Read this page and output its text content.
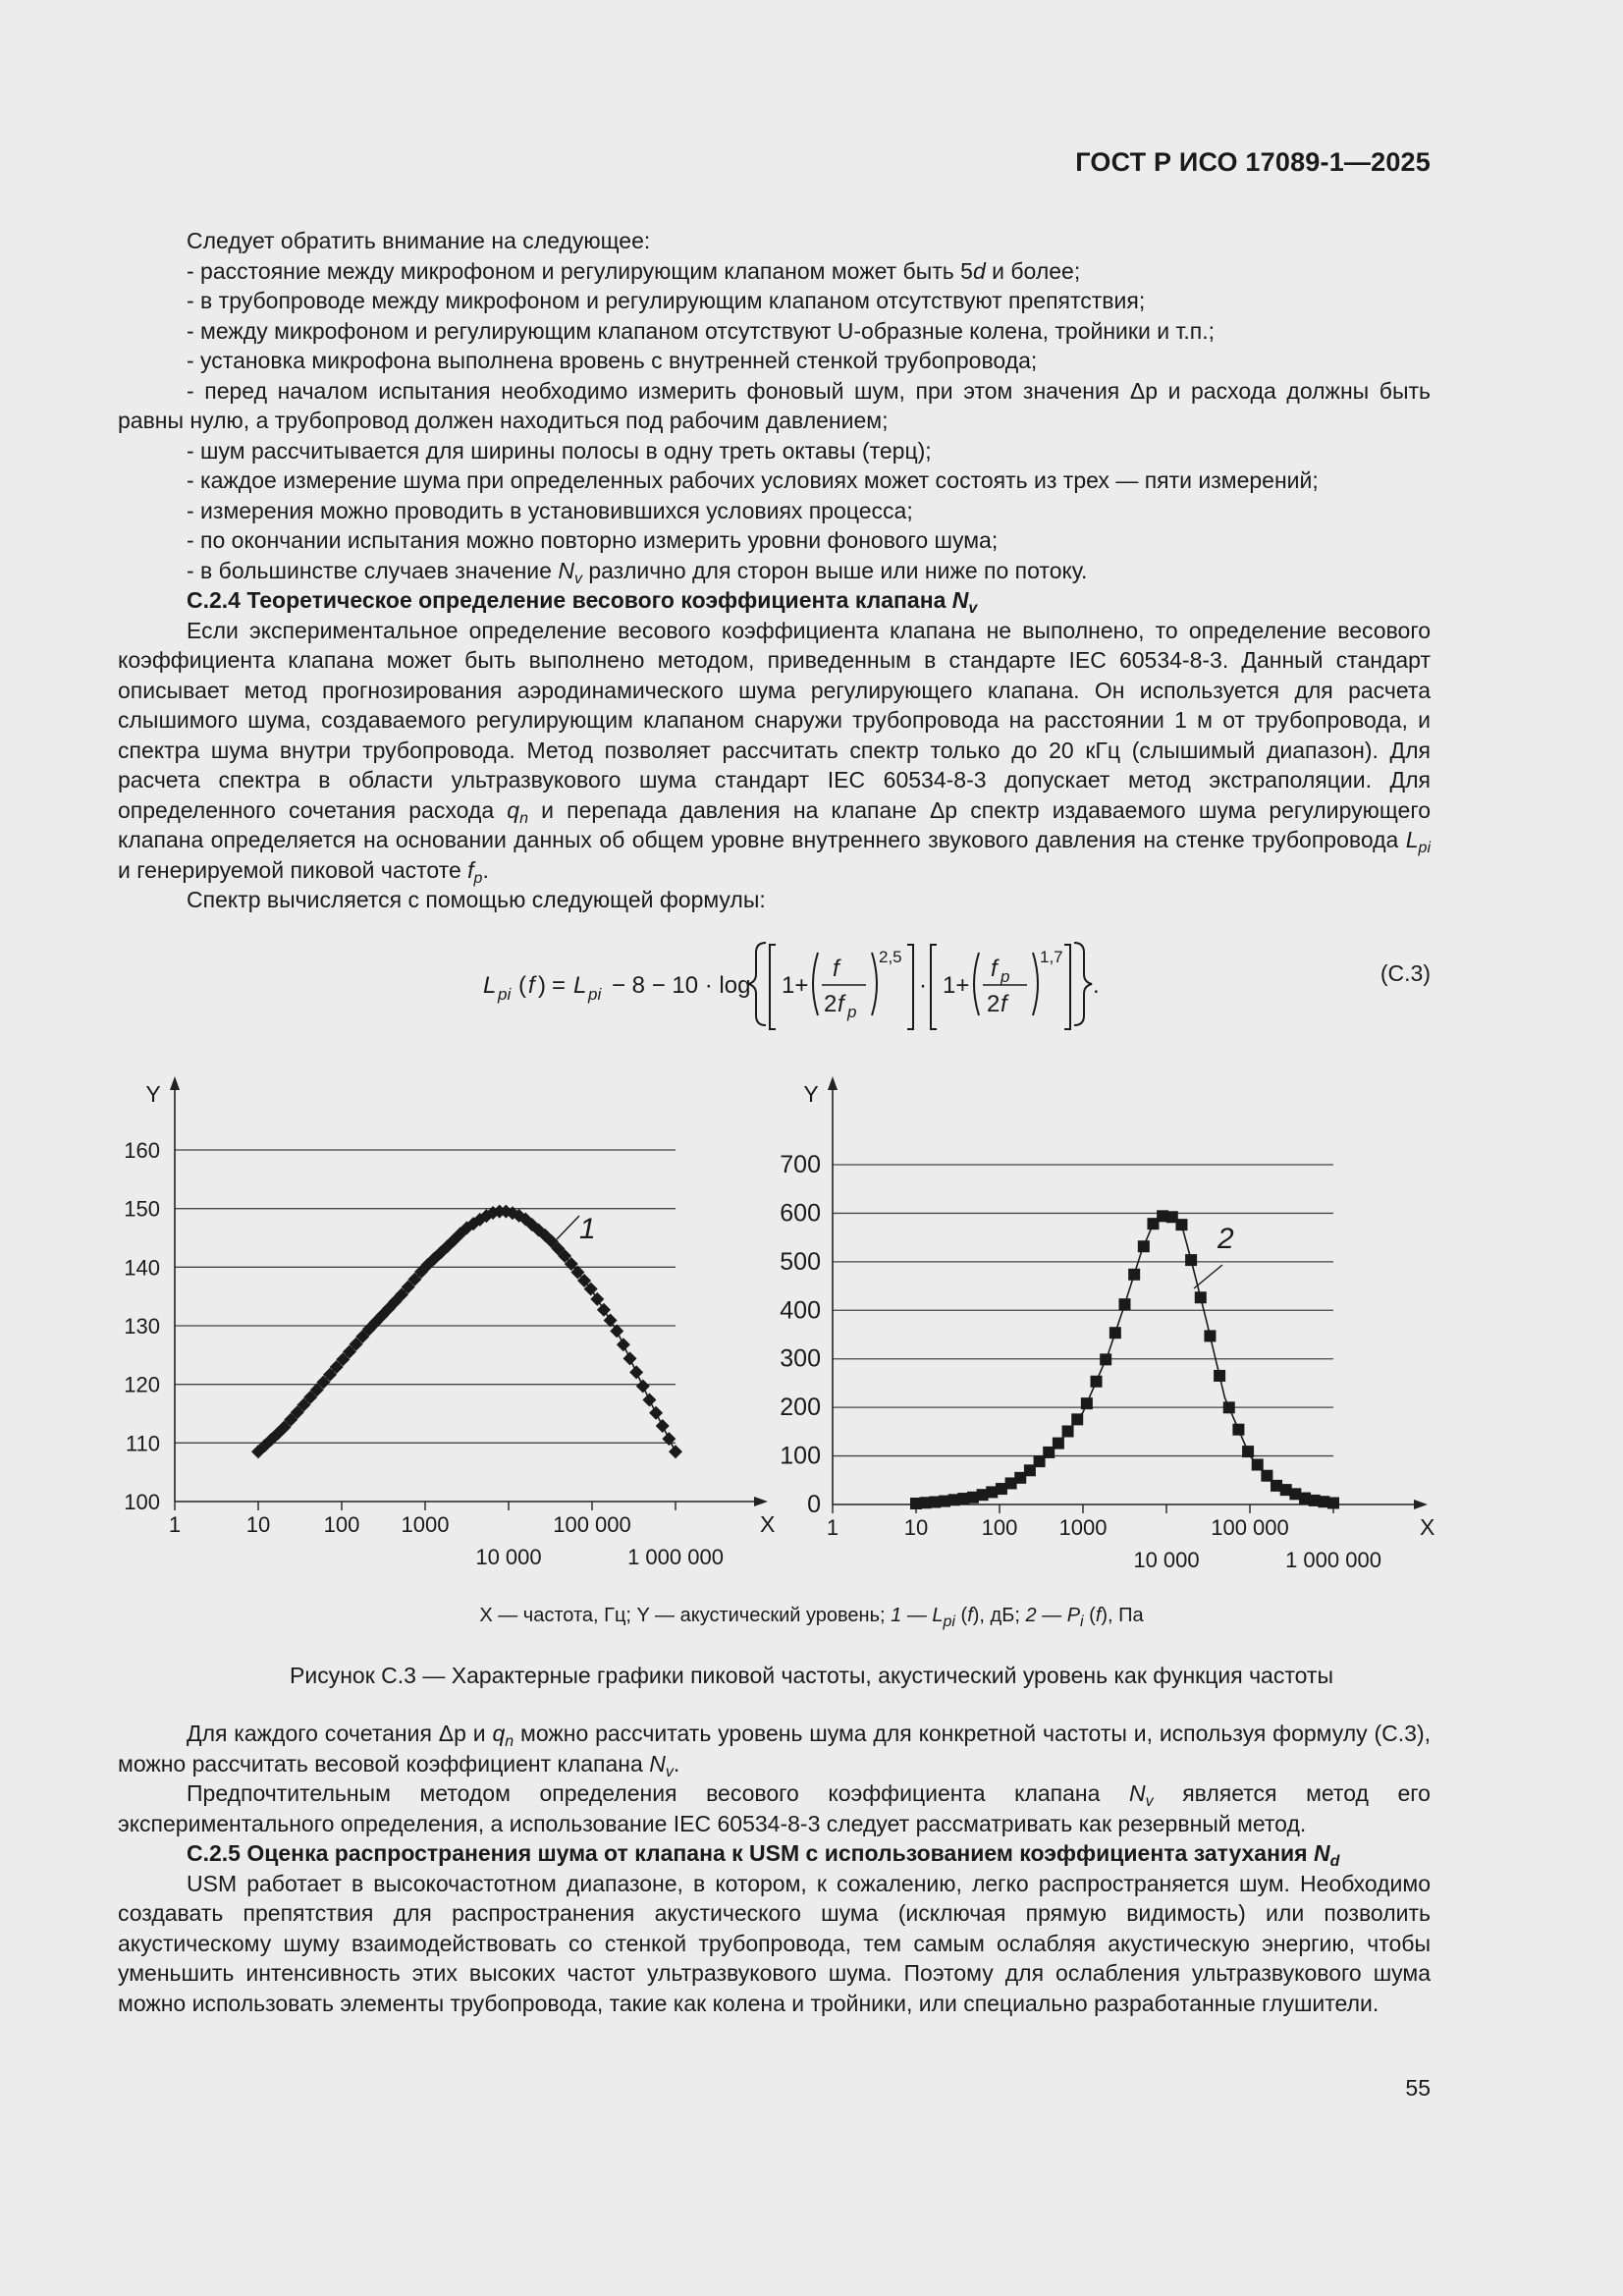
ГОСТ Р ИСО 17089-1—2025

Следует обратить внимание на следующее:

- расстояние между микрофоном и регулирующим клапаном может быть 5d и более;

- в трубопроводе между микрофоном и регулирующим клапаном отсутствуют препятствия;

- между микрофоном и регулирующим клапаном отсутствуют U-образные колена, тройники и т.п.;

- установка микрофона выполнена вровень с внутренней стенкой трубопровода;

- перед началом испытания необходимо измерить фоновый шум, при этом значения Δp и расхода должны быть равны нулю, а трубопровод должен находиться под рабочим давлением;

- шум рассчитывается для ширины полосы в одну треть октавы (терц);

- каждое измерение шума при определенных рабочих условиях может состоять из трех — пяти измерений;

- измерения можно проводить в установившихся условиях процесса;

- по окончании испытания можно повторно измерить уровни фонового шума;

- в большинстве случаев значение $N_v$ различно для сторон выше или ниже по потоку.

С.2.4 Теоретическое определение весового коэффициента клапана $N_v$

Если экспериментальное определение весового коэффициента клапана не выполнено, то определение весового коэффициента клапана может быть выполнено методом, приведенным в стандарте IEC 60534-8-3. Данный стандарт описывает метод прогнозирования аэродинамического шума регулирующего клапана. Он используется для расчета слышимого шума, создаваемого регулирующим клапаном снаружи трубопровода на расстоянии 1 м от трубопровода, и спектра шума внутри трубопровода. Метод позволяет рассчитать спектр только до 20 кГц (слышимый диапазон). Для расчета спектра в области ультразвукового шума стандарт IEC 60534-8-3 допускает метод экстраполяции. Для определенного сочетания расхода $q_n$ и перепада давления на клапане Δp спектр издаваемого шума регулирующего клапана определяется на основании данных об общем уровне внутреннего звукового давления на стенке трубопровода $L_{pi}$ и генерируемой пиковой частоте $f_p$.

Спектр вычисляется с помощью следующей формулы:

L pi ( f ) = L pi − 8 − 10 · log 1+
f
2 f p
2,5
· 1+
f p
2 f
1,7
.	(C.3)
100
110
120
130
140
150
160
Y
X
1	10 100 1000	100 000
10 000	1 000 000
1
0
100
200
300
400
500
600
700
Y
X
1	10 100 1000	100 000
10 000	1 000 000
2
X — частота, Гц; Y — акустический уровень; 1 — $L_{pi}$ (f), дБ; 2 — $P_i$ (f), Па
Рисунок С.3 — Характерные графики пиковой частоты, акустический уровень как функция частоты

Для каждого сочетания Δp и $q_n$ можно рассчитать уровень шума для конкретной частоты и, используя формулу (С.3), можно рассчитать весовой коэффициент клапана $N_v$.

Предпочтительным методом определения весового коэффициента клапана $N_v$ является метод его экспериментального определения, а использование IEC 60534-8-3 следует рассматривать как резервный метод.

С.2.5 Оценка распространения шума от клапана к USM с использованием коэффициента затухания $N_d$

USM работает в высокочастотном диапазоне, в котором, к сожалению, легко распространяется шум. Необходимо создавать препятствия для распространения акустического шума (исключая прямую видимость) или позволить акустическому шуму взаимодействовать со стенкой трубопровода, тем самым ослабляя акустическую энергию, чтобы уменьшить интенсивность этих высоких частот ультразвукового шума. Поэтому для ослабления ультразвукового шума можно использовать элементы трубопровода, такие как колена и тройники, или специально разработанные глушители.

55
